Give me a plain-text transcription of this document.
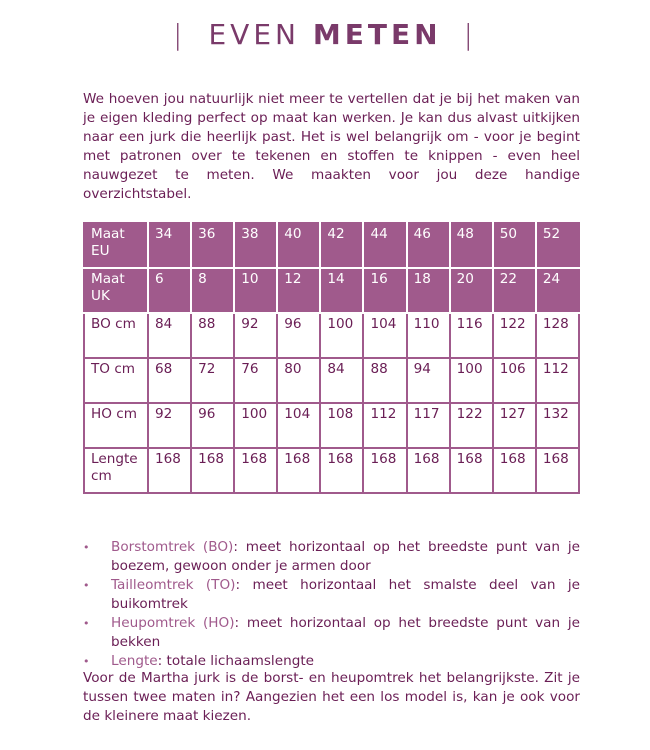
| EVEN METEN |

We hoeven jou natuurlijk niet meer te vertellen dat je bij het maken van je eigen kleding perfect op maat kan werken. Je kan dus alvast uitkijken naar een jurk die heerlijk past. Het is wel belangrijk om - voor je begint met patronen over te tekenen en stoffen te knippen - even heel nauwgezet te meten. We maakten voor jou deze handige overzichtstabel.

Maat EU	34	36	38	40	42	44	46	48	50	52
Maat UK	6	8	10	12	14	16	18	20	22	24
BO cm	84	88	92	96	100	104	110	116	122	128
TO cm	68	72	76	80	84	88	94	100	106	112
HO cm	92	96	100	104	108	112	117	122	127	132
Lengte cm	168	168	168	168	168	168	168	168	168	168
• Borstomtrek (BO): meet horizontaal op het breedste punt van je boezem, gewoon onder je armen door
• Tailleomtrek (TO): meet horizontaal het smalste deel van je buikomtrek
• Heupomtrek (HO): meet horizontaal op het breedste punt van je bekken
• Lengte: totale lichaamslengte

Voor de Martha jurk is de borst- en heupomtrek het belangrijkste. Zit je tussen twee maten in? Aangezien het een los model is, kan je ook voor de kleinere maat kiezen.
